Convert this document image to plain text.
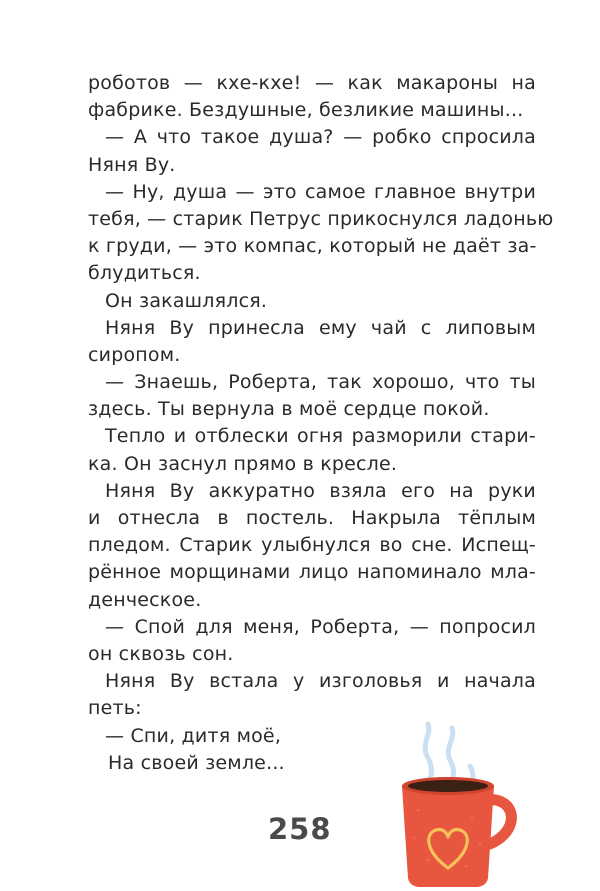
роботов — кхе-кхе! — как макароны на
фабрике. Бездушные, безликие машины...
— А что такое душа? — робко спросила
Няня Ву.
— Ну, душа — это самое главное внутри
тебя, — старик Петрус прикоснулся ладонью
к груди, — это компас, который не даёт за-
блудиться.
Он закашлялся.
Няня Ву принесла ему чай с липовым
сиропом.
— Знаешь, Роберта, так хорошо, что ты
здесь. Ты вернула в моё сердце покой.
Тепло и отблески огня разморили стари-
ка. Он заснул прямо в кресле.
Няня Ву аккуратно взяла его на руки
и отнесла в постель. Накрыла тёплым
пледом. Старик улыбнулся во сне. Испещ-
рённое морщинами лицо напоминало мла-
денческое.
— Спой для меня, Роберта, — попросил
он сквозь сон.
Няня Ву встала у изголовья и начала
петь:
— Спи, дитя моё,
На своей земле...
258
